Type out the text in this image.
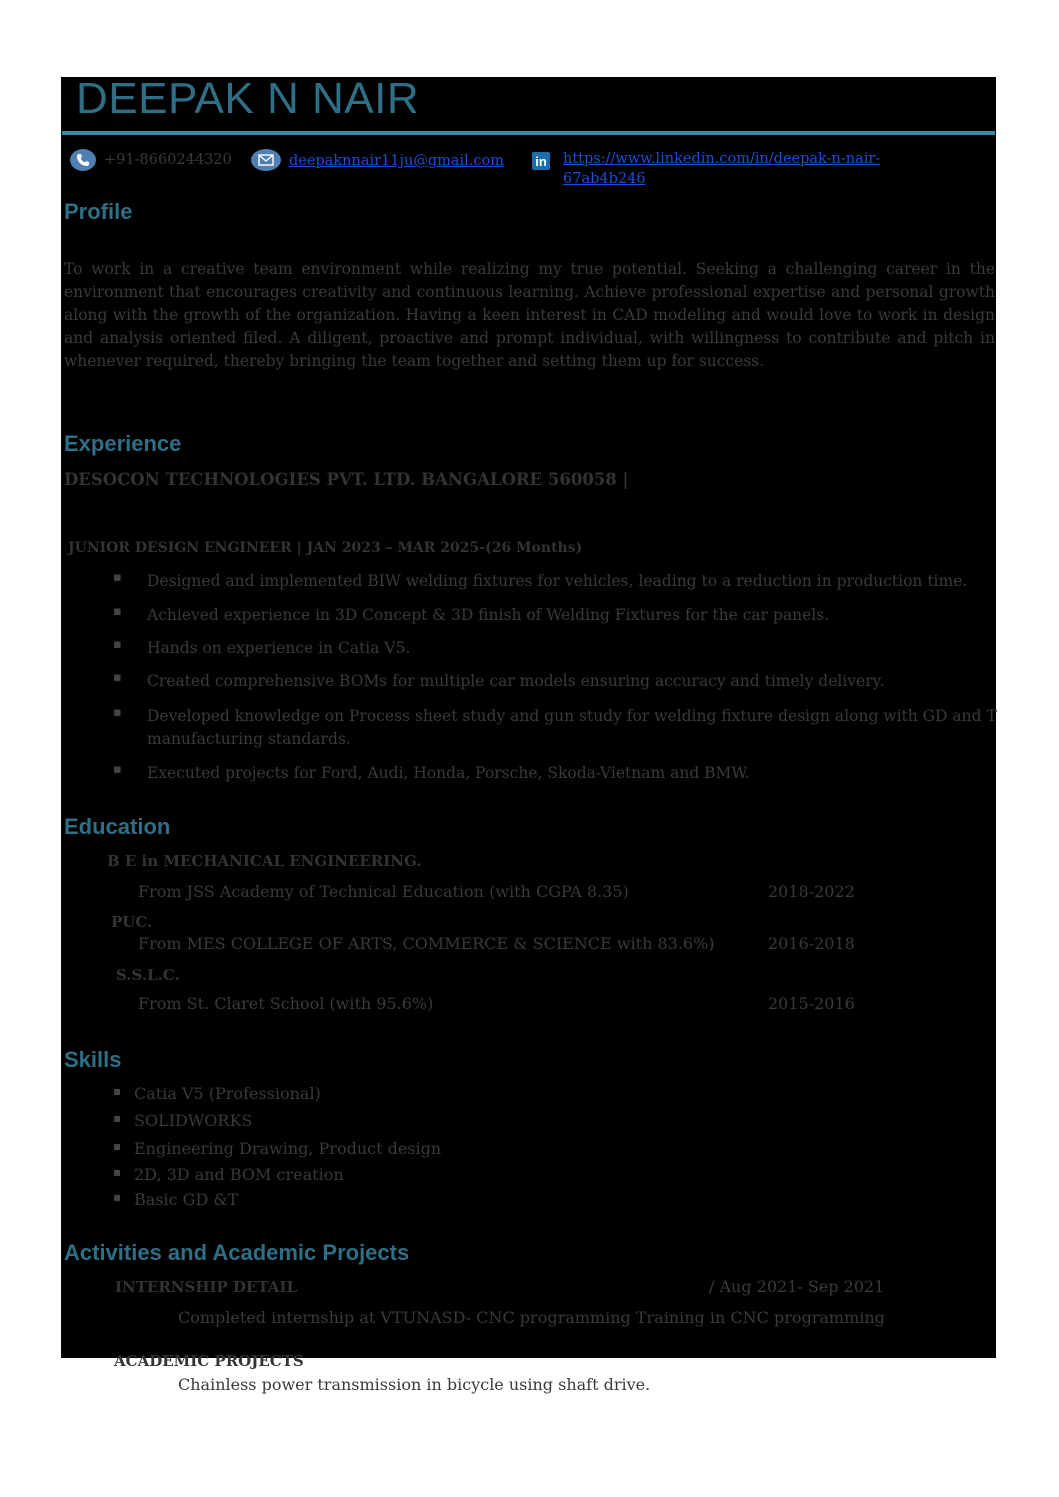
DEEPAK N NAIR
+91-8660244320	deepaknnair11ju@gmail.com in https://www.linkedin.com/in/deepak-n-nair-
67ab4b246
Profile
To work in a creative team environment while realizing my true potential. Seeking a challenging career in the environment that encourages creativity and continuous learning. Achieve professional expertise and personal growth along with the growth of the organization. Having a keen interest in CAD modeling and would love to work in design and analysis oriented filed. A diligent, proactive and prompt individual, with willingness to contribute and pitch in whenever required, thereby bringing the team together and setting them up for success.
Experience
DESOCON TECHNOLOGIES PVT. LTD. BANGALORE 560058 |
JUNIOR DESIGN ENGINEER | JAN 2023 – MAR 2025-(26 Months)
▪ Designed and implemented BIW welding fixtures for vehicles, leading to a reduction in production time.
▪ Achieved experience in 3D Concept & 3D finish of Welding Fixtures for the car panels.
▪ Hands on experience in Catia V5.
▪ Created comprehensive BOMs for multiple car models ensuring accuracy and timely delivery.
▪ Developed knowledge on Process sheet study and gun study for welding fixture design along with GD and T manufacturing standards.
▪ Executed projects for Ford, Audi, Honda, Porsche, Skoda-Vietnam and BMW.
Education
B E in MECHANICAL ENGINEERING.
From JSS Academy of Technical Education (with CGPA 8.35)	2018-2022
PUC.
From MES COLLEGE OF ARTS, COMMERCE & SCIENCE with 83.6%)	2016-2018
S.S.L.C.
From St. Claret School (with 95.6%)	2015-2016
Skills
▪ Catia V5 (Professional)
▪ SOLIDWORKS
▪ Engineering Drawing, Product design
▪ 2D, 3D and BOM creation
▪ Basic GD &T
Activities and Academic Projects
INTERNSHIP DETAIL	/ Aug 2021- Sep 2021
Completed internship at VTUNASD- CNC programming Training in CNC programming
ACADEMIC PROJECTS
Chainless power transmission in bicycle using shaft drive.
